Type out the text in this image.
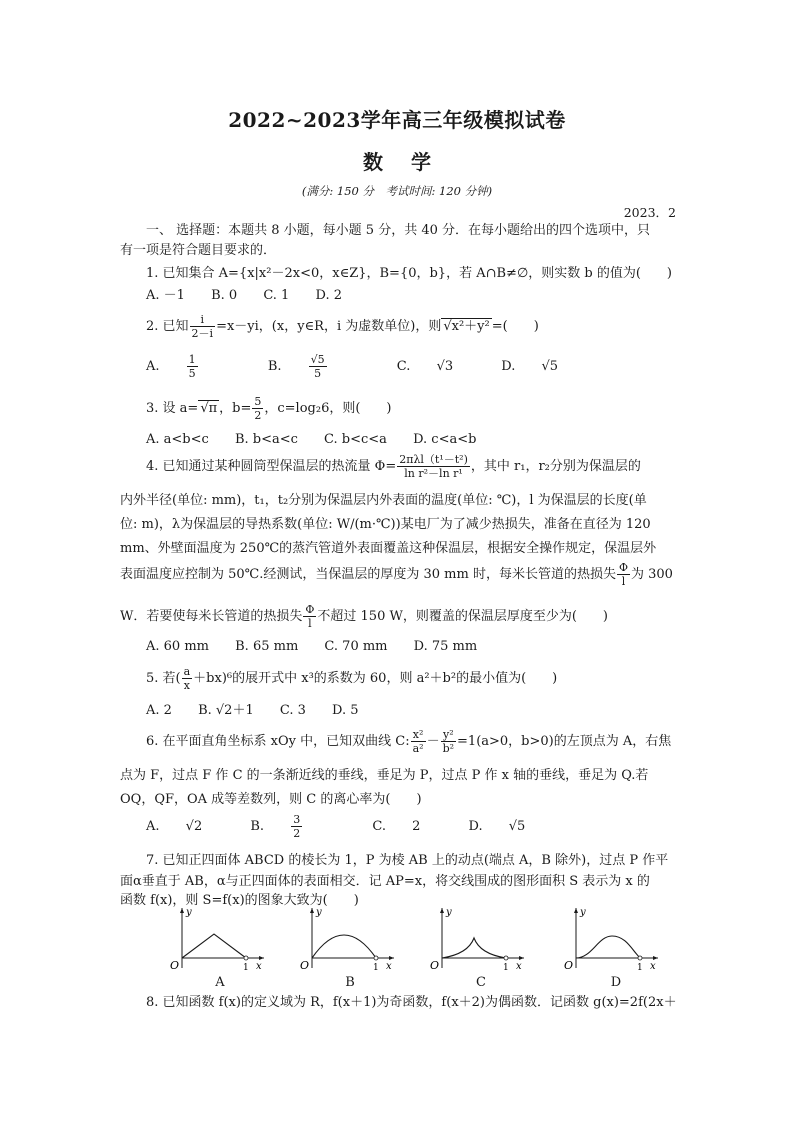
2022~2023学年高三年级模拟试卷
数学
(满分: 150 分　考试时间: 120 分钟)
2023．2
一、 选择题：本题共 8 小题，每小题 5 分，共 40 分．在每小题给出的四个选项中，只
有一项是符合题目要求的．
1. 已知集合 A={x|x²－2x<0，x∈Z}，B={0，b}，若 A∩B≠∅，则实数 b 的值为(　　)
A. －1 B. 0 C. 1 D. 2
2. 已知 $\frac{i}{2-i} =x-yi$，(x，y∈R，i 为虚数单位)，则 √ x²＋y² =(　　)
A. $\frac{1}{5}$	B. $\frac{√5}{5}$	C. √3	D. √5
3. 设 a= √ π ，$b= \frac{5}{2}$ ，c=log₂6，则(　　)
A. a<b<c B. b<a<c C. b<c<a D. c<a<b
4. 已知通过某种圆筒型保温层的热流量 $\Phi= \frac{\text{2πλl（t¹－t²)}}{\text{ln r²－ln r¹}}$ ，其中 r₁，r₂分别为保温层的
内外半径(单位: mm)，t₁，t₂分别为保温层内外表面的温度(单位: ℃)，l 为保温层的长度(单
位: m)，λ为保温层的导热系数(单位: W/(m·℃))某电厂为了减少热损失，准备在直径为 120
mm、外壁面温度为 250℃的蒸汽管道外表面覆盖这种保温层，根据安全操作规定，保温层外
表面温度应控制为 50℃.经测试，当保温层的厚度为 30 mm 时，每米长管道的热损失 $\frac{\Phi}{l}$ 为 300
W．若要使每米长管道的热损失 $\frac{\Phi}{l}$ 不超过 150 W，则覆盖的保温层厚度至少为(　　)
A. 60 mm B. 65 mm C. 70 mm D. 75 mm
5. 若( $\frac{a}{x} +bx)^6$的展开式中 x³的系数为 60，则 a²＋b²的最小值为(　　)
A. 2 B. √2＋1 C. 3 D. 5
6. 在平面直角坐标系 xOy 中，已知双曲线 C: $\frac{\text{x²}}{\text{a²}} - \frac{\text{y²}}{\text{b²}} =1(a>0$，b>0)的左顶点为 A，右焦
点为 F，过点 F 作 C 的一条渐近线的垂线，垂足为 P，过点 P 作 x 轴的垂线，垂足为 Q.若
OQ，QF，OA 成等差数列，则 C 的离心率为(　　)
A. √2	B. $\frac{3}{2}$	C. 2	D. √5
7. 已知正四面体 ABCD 的棱长为 1，P 为棱 AB 上的动点(端点 A，B 除外)，过点 P 作平
面α垂直于 AB，α与正四面体的表面相交．记 AP=x，将交线围成的图形面积 S 表示为 x 的
函数 f(x)，则 S=f(x)的图象大致为(　　)
y
x
O	1
A
y
x
O	1
B
y
x
O	1
C
y
x
O	1
D
8. 已知函数 f(x)的定义域为 R，f(x＋1)为奇函数，f(x＋2)为偶函数．记函数 g(x)=2f(2x＋
